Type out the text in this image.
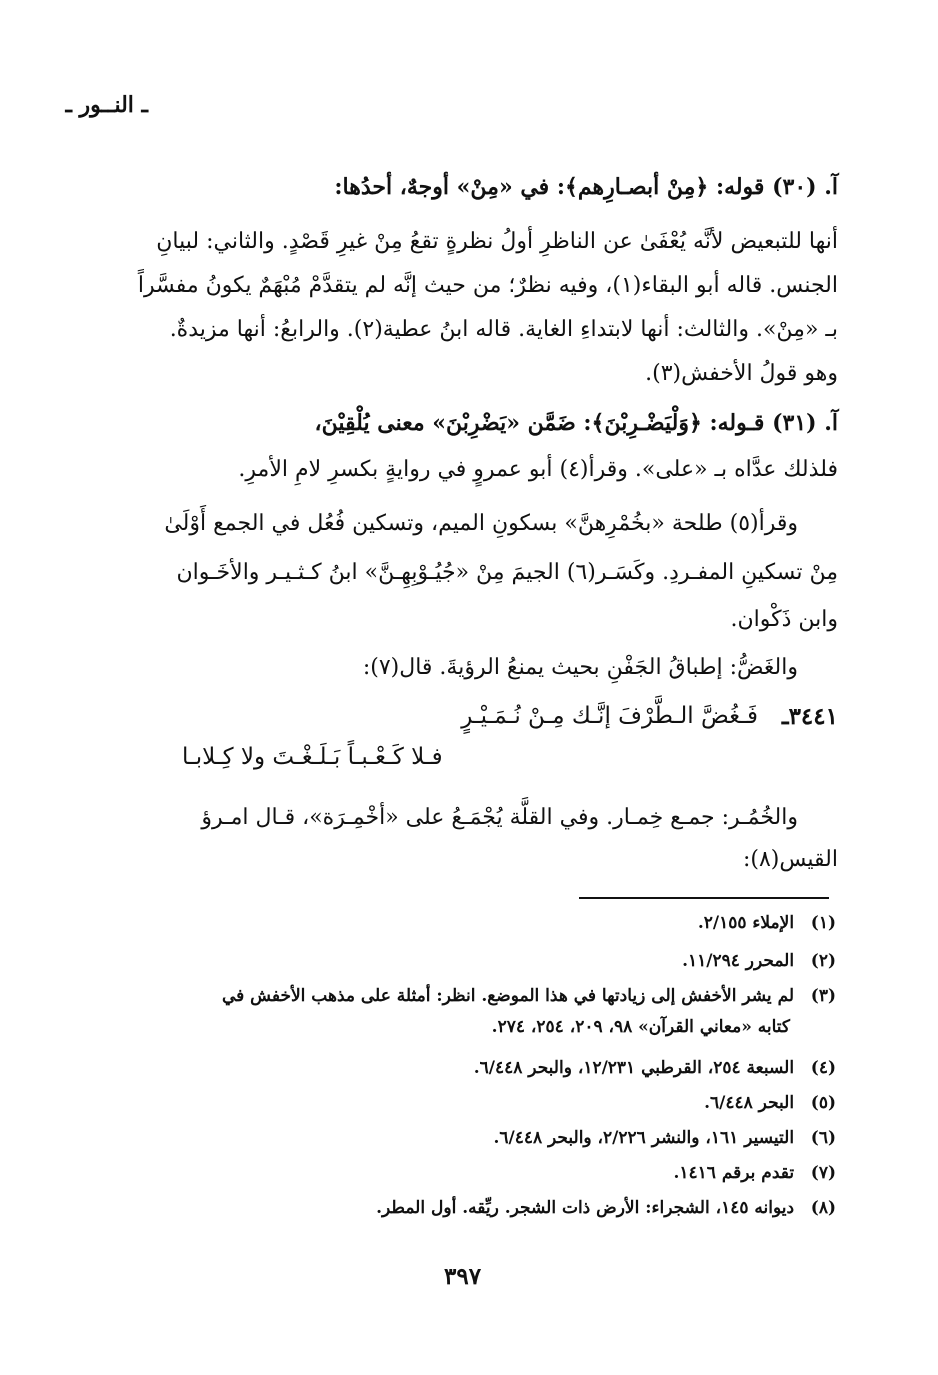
ـ النــور ـ
آ. (٣٠) قوله: ﴿مِنْ أبصـارِهم﴾: في «مِنْ» أوجهٌ، أحدُها:
أنها للتبعيض لأنَّه يُعْفَىٰ عن الناظرِ أولُ نظرةٍ تقعُ مِنْ غيرِ قَصْدٍ. والثاني: لبيانِ
الجنس. قاله أبو البقاء(١)، وفيه نظرٌ؛ من حيث إنَّه لم يتقدَّمْ مُبْهَمٌ يكونُ مفسَّراً
بـ «مِنْ». والثالث: أنها لابتداءِ الغاية. قاله ابنُ عطية(٢). والرابعُ: أنها مزيدةٌ.
وهو قولُ الأخفش(٣).
آ. (٣١) قـوله: ﴿وَلْيَضْـرِبْنَ﴾: ضَمَّن «يَضْرِبْنَ» معنى يُلْقِيْنَ،
فلذلك عدَّاه بـ «على». وقرأ(٤) أبو عمروٍ في روايةٍ بكسرِ لامِ الأمرِ.
وقرأ(٥) طلحة «بخُمْرِهنَّ» بسكونِ الميم، وتسكين فُعُل في الجمع أَوْلَىٰ
مِنْ تسكينِ المفـردِ. وكَسَـر(٦) الجيمَ مِنْ «جُيُـوْبِهِـنَّ» ابنُ كـثـيـر والأخَـوان
وابن ذَكْوان.
والغَضُّ: إطباقُ الجَفْنِ بحيث يمنعُ الرؤيةَ. قال(٧):
٣٤٤١ـ
فَـغُضَّ الـطَّرْفَ إنَّـك مِـنْ نُـمَـيْـرٍ
فـلا كَـعْـبـاً بَـلَـغْـتَ ولا كِـلابـا
والخُمُـر: جمـع خِمـار. وفي القلَّة يُجْمَـعُ على «أخْمِـرَة»، قـال امـرؤ
القيس(٨):
(١) الإملاء ٢/١٥٥.
(٢) المحرر ١١/٢٩٤.
(٣) لم يشر الأخفش إلى زيادتها في هذا الموضع. انظر: أمثلة على مذهب الأخفش في
كتابه «معاني القرآن» ٩٨، ٢٠٩، ٢٥٤، ٢٧٤.
(٤) السبعة ٢٥٤، القرطبي ١٢/٢٣١، والبحر ٦/٤٤٨.
(٥) البحر ٦/٤٤٨.
(٦) التيسير ١٦١، والنشر ٢/٢٢٦، والبحر ٦/٤٤٨.
(٧) تقدم برقم ١٤١٦.
(٨) ديوانه ١٤٥، الشجراء: الأرض ذات الشجر. ريِّقه. أول المطر.
٣٩٧
